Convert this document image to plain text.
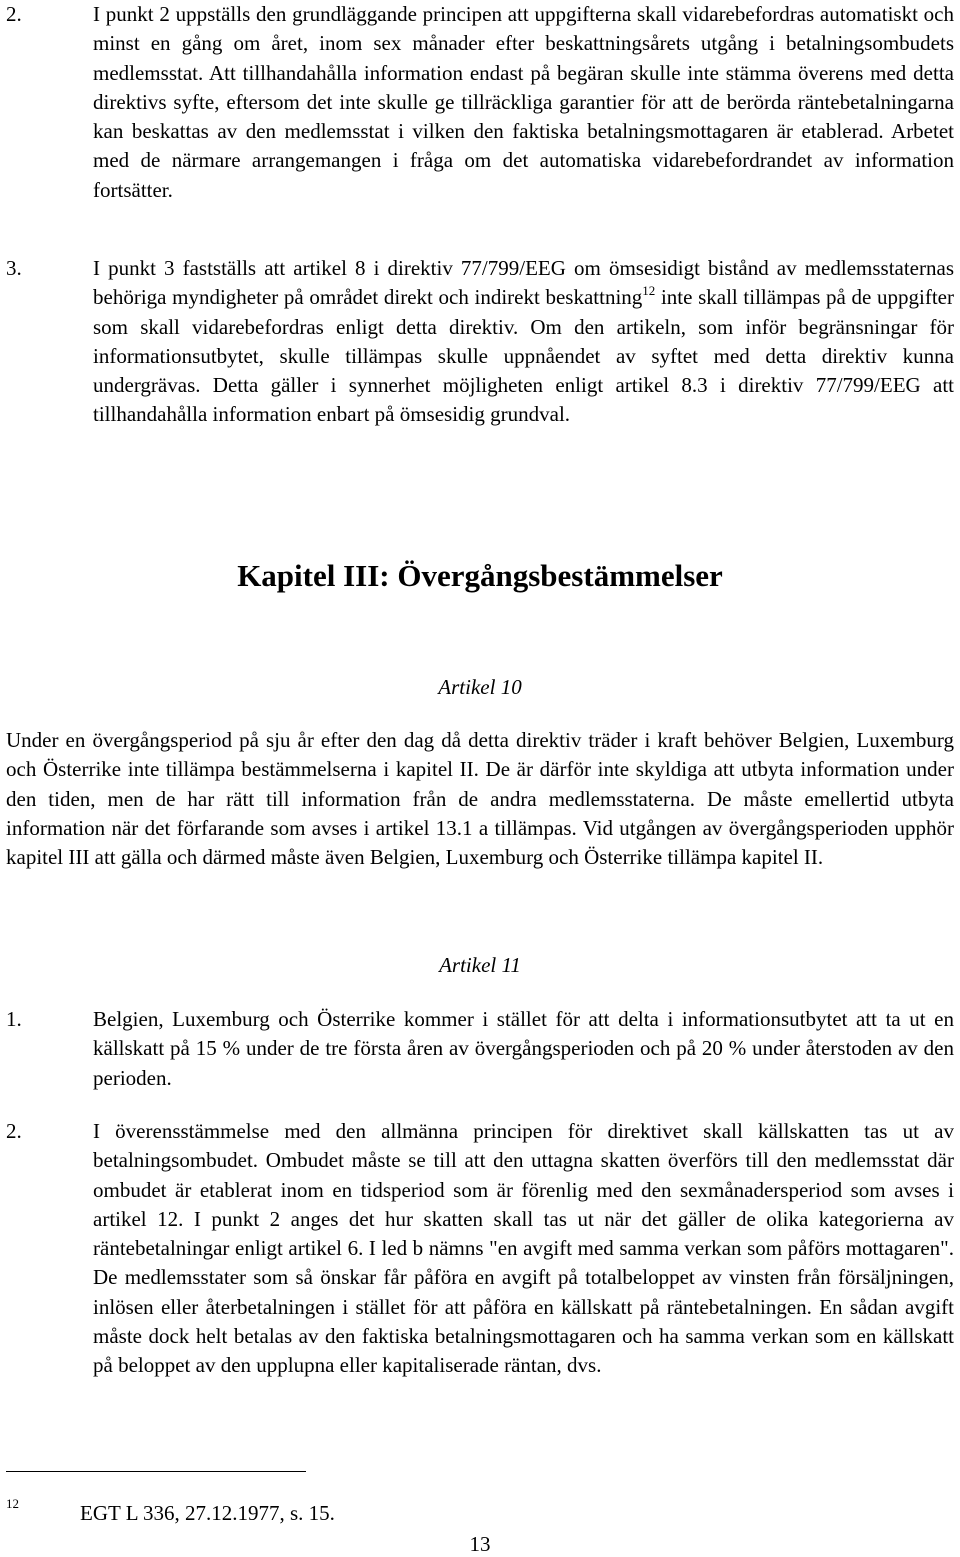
2.	I punkt 2 uppställs den grundläggande principen att uppgifterna skall vidarebefordras automatiskt och minst en gång om året, inom sex månader efter beskattningsårets utgång i betalningsombudets medlemsstat. Att tillhandahålla information endast på begäran skulle inte stämma överens med detta direktivs syfte, eftersom det inte skulle ge tillräckliga garantier för att de berörda räntebetalningarna kan beskattas av den medlemsstat i vilken den faktiska betalningsmottagaren är etablerad. Arbetet med de närmare arrangemangen i fråga om det automatiska vidarebefordrandet av information fortsätter.
3.	I punkt 3 fastställs att artikel 8 i direktiv 77/799/EEG om ömsesidigt bistånd av medlemsstaternas behöriga myndigheter på området direkt och indirekt beskattning$^{12}$ inte skall tillämpas på de uppgifter som skall vidarebefordras enligt detta direktiv. Om den artikeln, som inför begränsningar för informationsutbytet, skulle tillämpas skulle uppnåendet av syftet med detta direktiv kunna undergrävas. Detta gäller i synnerhet möjligheten enligt artikel 8.3 i direktiv 77/799/EEG att tillhandahålla information enbart på ömsesidig grundval.
Kapitel III: Övergångsbestämmelser
Artikel 10
Under en övergångsperiod på sju år efter den dag då detta direktiv träder i kraft behöver Belgien, Luxemburg och Österrike inte tillämpa bestämmelserna i kapitel II. De är därför inte skyldiga att utbyta information under den tiden, men de har rätt till information från de andra medlemsstaterna. De måste emellertid utbyta information när det förfarande som avses i artikel 13.1 a tillämpas. Vid utgången av övergångsperioden upphör kapitel III att gälla och därmed måste även Belgien, Luxemburg och Österrike tillämpa kapitel II.
Artikel 11
1.	Belgien, Luxemburg och Österrike kommer i stället för att delta i informationsutbytet att ta ut en källskatt på 15 % under de tre första åren av övergångsperioden och på 20 % under återstoden av den perioden.
2.	I överensstämmelse med den allmänna principen för direktivet skall källskatten tas ut av betalningsombudet. Ombudet måste se till att den uttagna skatten överförs till den medlemsstat där ombudet är etablerat inom en tidsperiod som är förenlig med den sexmånadersperiod som avses i artikel 12. I punkt 2 anges det hur skatten skall tas ut när det gäller de olika kategorierna av räntebetalningar enligt artikel 6. I led b nämns "en avgift med samma verkan som påförs mottagaren". De medlemsstater som så önskar får påföra en avgift på totalbeloppet av vinsten från försäljningen, inlösen eller återbetalningen i stället för att påföra en källskatt på räntebetalningen. En sådan avgift måste dock helt betalas av den faktiska betalningsmottagaren och ha samma verkan som en källskatt på beloppet av den upplupna eller kapitaliserade räntan, dvs.
12	EGT L 336, 27.12.1977, s. 15.
13
